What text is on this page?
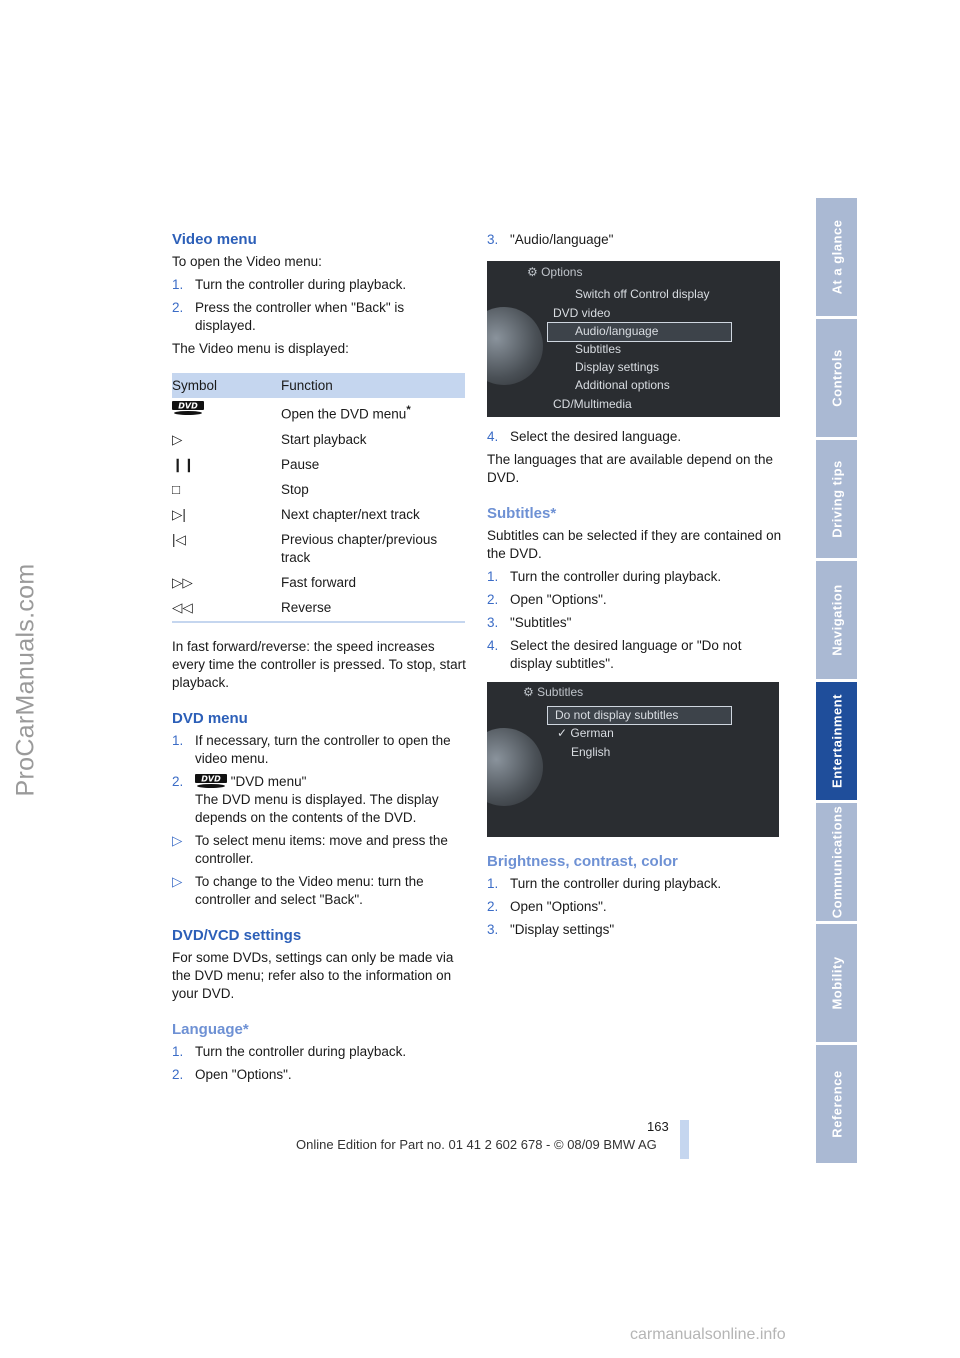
ProCarManuals.com
At a glance
Controls
Driving tips
Navigation
Entertainment
Communications
Mobility
Reference
Video menu

To open the Video menu:

1. Turn the controller during playback.
2. Press the controller when "Back" is displayed.

The Video menu is displayed:

Symbol	Function

DVD	Open the DVD menu*
▷	Start playback
❙❙	Pause
□	Stop
▷|	Next chapter/next track
|◁	Previous chapter/previous track
▷▷	Fast forward
◁◁	Reverse

In fast forward/reverse: the speed increases every time the controller is pressed. To stop, start playback.

DVD menu
1. If necessary, turn the controller to open the video menu.
2.	DVD "DVD menu"
The DVD menu is displayed. The display depends on the contents of the DVD.
▷ To select menu items: move and press the controller.
▷ To change to the Video menu: turn the controller and select "Back".
DVD/VCD settings

For some DVDs, settings can only be made via the DVD menu; refer also to the information on your DVD.

Language*
1. Turn the controller during playback.
2. Open "Options".
3. "Audio/language"
⚙ Options
Switch off Control display
DVD video
Audio/language
Subtitles
Display settings
Additional options
CD/Multimedia
4. Select the desired language.

The languages that are available depend on the DVD.

Subtitles*

Subtitles can be selected if they are contained on the DVD.

1. Turn the controller during playback.
2. Open "Options".
3. "Subtitles"
4. Select the desired language or "Do not display subtitles".
⚙ Subtitles
Do not display subtitles
✓ German
English
Brightness, contrast, color
1. Turn the controller during playback.
2. Open "Options".
3. "Display settings"
163
Online Edition for Part no. 01 41 2 602 678 - © 08/09 BMW AG
carmanualsonline.info
